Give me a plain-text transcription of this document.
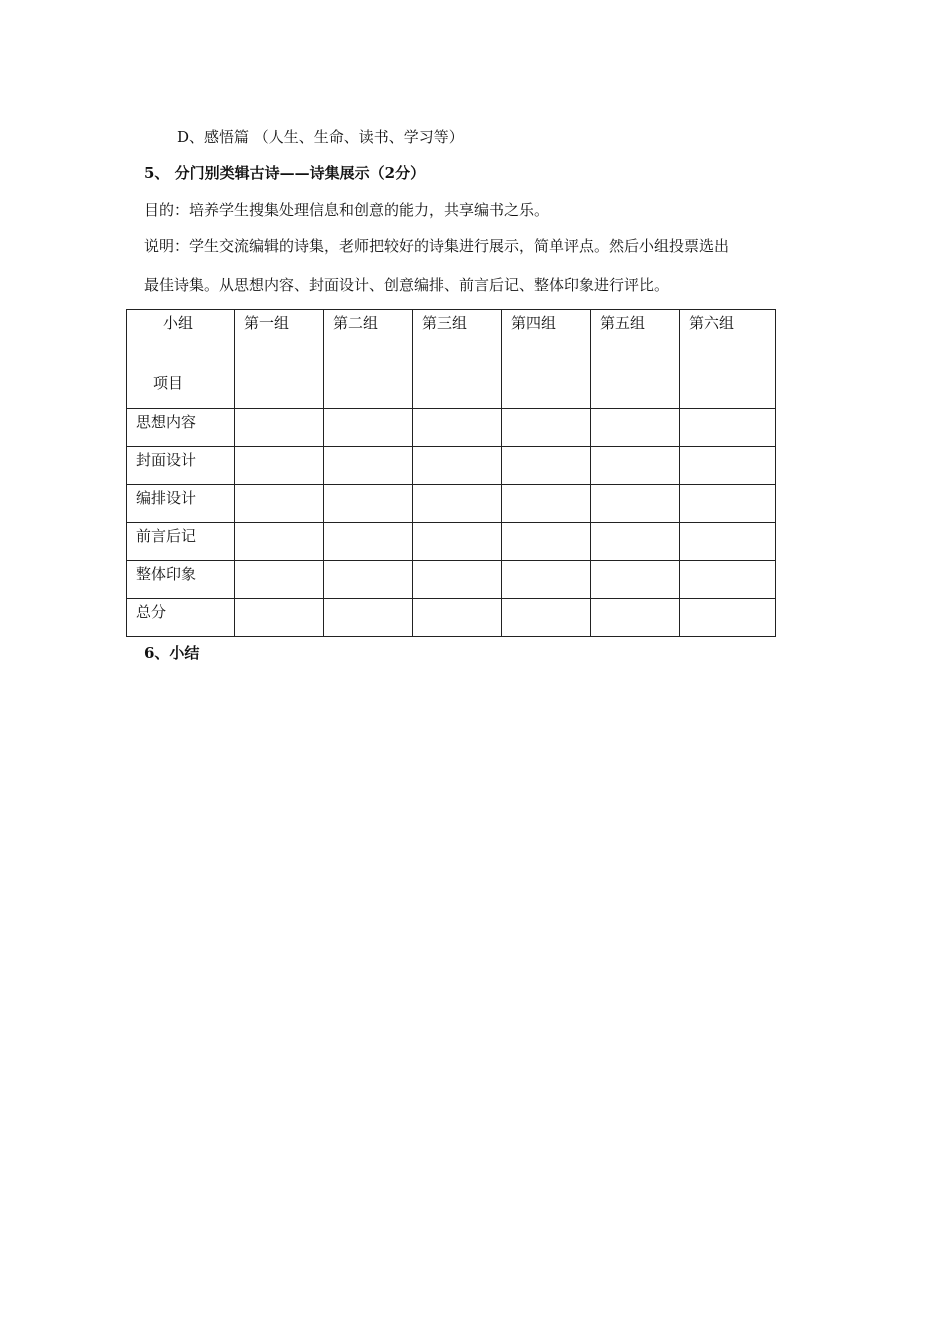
D、感悟篇 （人生、生命、读书、学习等）
5、 分门别类辑古诗——诗集展示（2分）
目的：培养学生搜集处理信息和创意的能力，共享编书之乐。
说明：学生交流编辑的诗集，老师把较好的诗集进行展示，简单评点。然后小组投票选出
最佳诗集。从思想内容、封面设计、创意编排、前言后记、整体印象进行评比。
小组
项目	第一组	第二组	第三组	第四组	第五组	第六组

思想内容						

封面设计						

编排设计						

前言后记						

整体印象						

总分						

6、小结
